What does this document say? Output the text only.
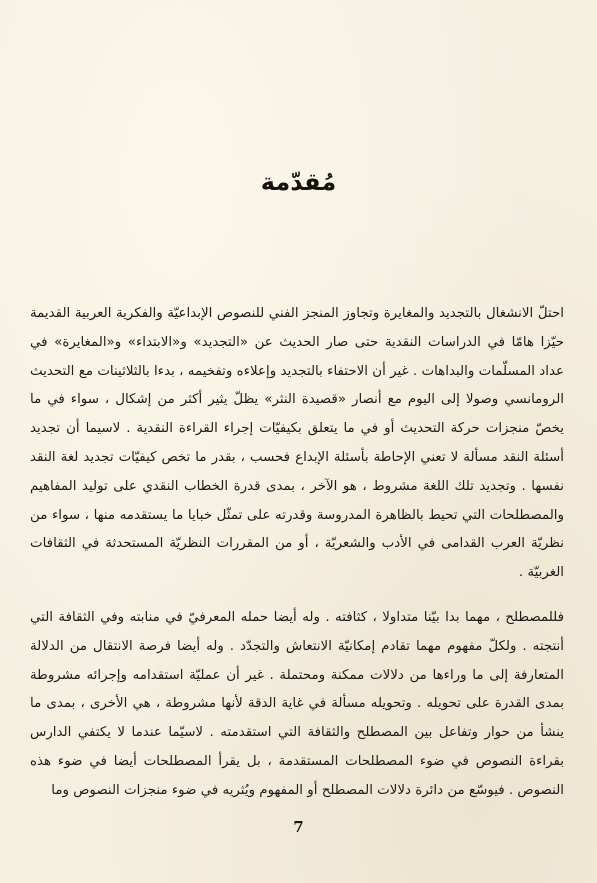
مُقدّمة

احتلّ الانشغال بالتجديد والمغايرة وتجاوز المنجز الفني للنصوص الإبداعيّة والفكرية العربية القديمة حيّزا هامّا في الدراسات النقدية حتى صار الحديث عن «التجديد» و«الابتداء» و«المغايرة» في عداد المسلّمات والبداهات . غير أن الاحتفاء بالتجديد وإعلاءه وتفخيمه ، بدءا بالثلاثينات مع التحديث الرومانسي وصولا إلى اليوم مع أنصار «قصيدة النثر» يظلّ يثير أكثر من إشكال ، سواء في ما يخصّ منجزات حركة التحديث أو في ما يتعلق بكيفيّات إجراء القراءة النقدية . لاسيما أن تجديد أسئلة النقد مسألة لا تعني الإحاطة بأسئلة الإبداع فحسب ، بقدر ما تخص كيفيّات تجديد لغة النقد نفسها . وتجديد تلك اللغة مشروط ، هو الآخر ، بمدى قدرة الخطاب النقدي على توليد المفاهيم والمصطلحات التي تحيط بالظاهرة المدروسة وقدرته على تمثّل خبايا ما يستقدمه منها ، سواء من نظريّة العرب القدامى في الأدب والشعريّة ، أو من المقررات النظريّة المستحدثة في الثقافات الغربيّة .

فللمصطلح ، مهما بدا بيّنا متداولا ، كثافته . وله أيضا حمله المعرفيّ في منابته وفي الثقافة التي أنتجته . ولكلّ مفهوم مهما تقادم إمكانيّة الانتعاش والتجدّد . وله أيضا فرصة الانتقال من الدلالة المتعارفة إلى ما وراءها من دلالات ممكنة ومحتملة . غير أن عمليّة استقدامه وإجرائه مشروطة بمدى القدرة على تحويله . وتحويله مسألة في غاية الدقة لأنها مشروطة ، هي الأخرى ، بمدى ما ينشأ من حوار وتفاعل بين المصطلح والثقافة التي استقدمته . لاسيّما عندما لا يكتفي الدارس بقراءة النصوص في ضوء المصطلحات المستقدمة ، بل يقرأ المصطلحات أيضا في ضوء هذه النصوص . فيوسّع من دائرة دلالات المصطلح أو المفهوم ويُثريه في ضوء منجزات النصوص وما

7
